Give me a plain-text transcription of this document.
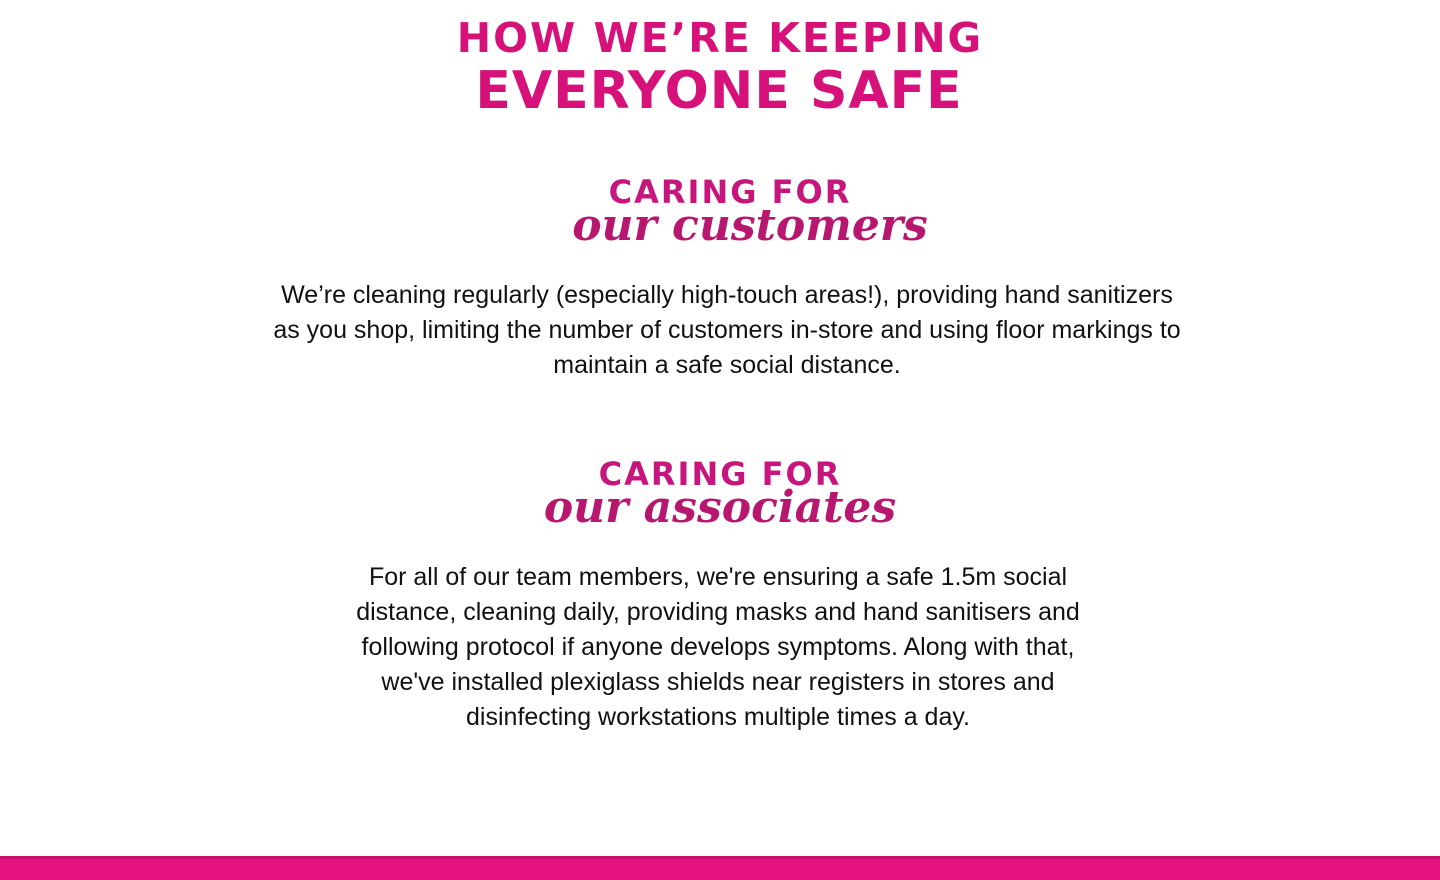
HOW WE’RE KEEPING
EVERYONE SAFE
CARING FOR
our customers

We’re cleaning regularly (especially high-touch areas!), providing hand sanitizers as you shop, limiting the number of customers in-store and using floor markings to maintain a safe social distance.

CARING FOR
our associates

For all of our team members, we're ensuring a safe 1.5m social distance, cleaning daily, providing masks and hand sanitisers and following protocol if anyone develops symptoms. Along with that, we've installed plexiglass shields near registers in stores and disinfecting workstations multiple times a day.
